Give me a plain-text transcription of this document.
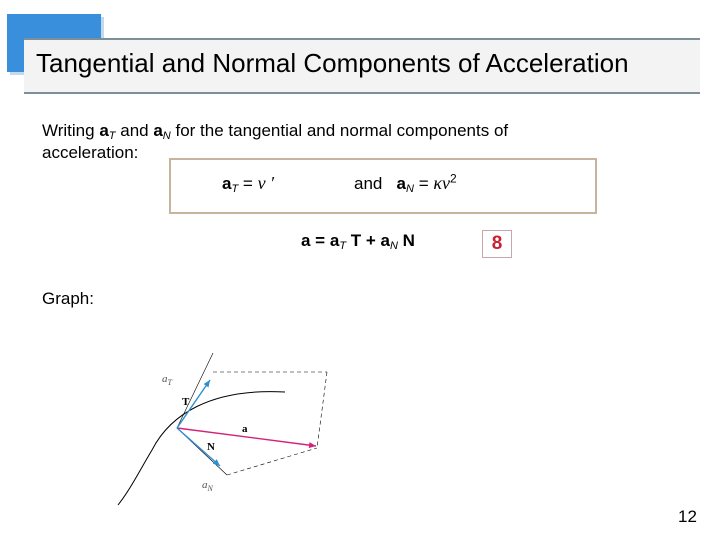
Tangential and Normal Components of Acceleration
Writing $a_T$ and $a_N$ for the tangential and normal components of
acceleration:
$a_T = v$ ′	and $a_N = \kappa v^2$
$a = a_T$ $T + a_N$ N	8
Graph:
$a_T$
T
a
N
$a_N$
12
